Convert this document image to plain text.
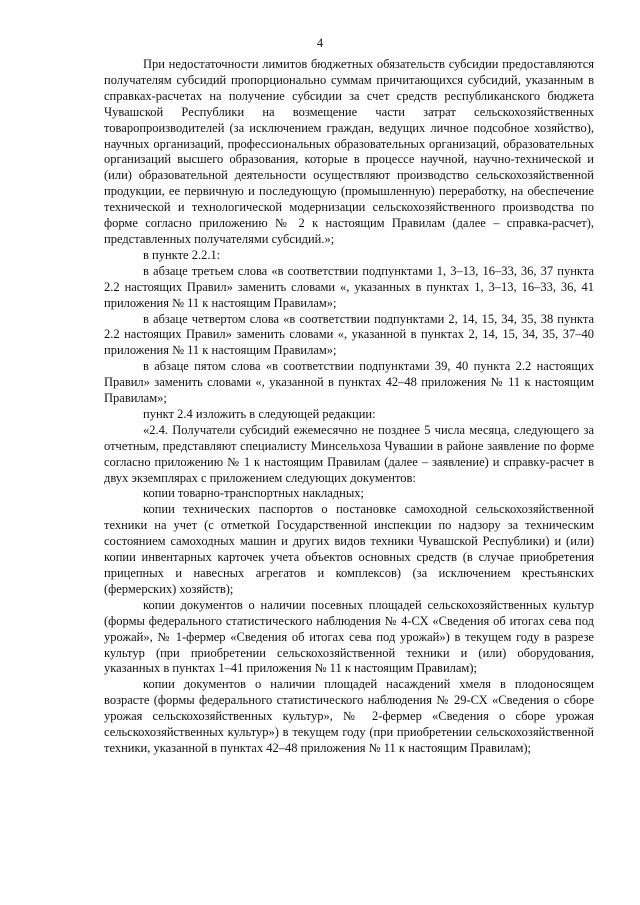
4

При недостаточности лимитов бюджетных обязательств субсидии предоставляются получателям субсидий пропорционально суммам причитающихся субсидий, указанным в справках-расчетах на получение субсидии за счет средств республиканского бюджета Чувашской Республики на возмещение части затрат сельскохозяйственных товаропроизводителей (за исключением граждан, ведущих личное подсобное хозяйство), научных организаций, профессиональных образовательных организаций, образовательных организаций высшего образования, которые в процессе научной, научно-технической и (или) образовательной деятельности осуществляют производство сельскохозяйственной продукции, ее первичную и последующую (промышленную) переработку, на обеспечение технической и технологической модернизации сельскохозяйственного производства по форме согласно приложению № 2 к настоящим Правилам (далее – справка-расчет), представленных получателями субсидий.»;

в пункте 2.2.1:

в абзаце третьем слова «в соответствии подпунктами 1, 3–13, 16–33, 36, 37 пункта 2.2 настоящих Правил» заменить словами «, указанных в пунктах 1, 3–13, 16–33, 36, 41 приложения № 11 к настоящим Правилам»;

в абзаце четвертом слова «в соответствии подпунктами 2, 14, 15, 34, 35, 38 пункта 2.2 настоящих Правил» заменить словами «, указанной в пунктах 2, 14, 15, 34, 35, 37–40 приложения № 11 к настоящим Правилам»;

в абзаце пятом слова «в соответствии подпунктами 39, 40 пункта 2.2 настоящих Правил» заменить словами «, указанной в пунктах 42–48 приложения № 11 к настоящим Правилам»;

пункт 2.4 изложить в следующей редакции:

«2.4. Получатели субсидий ежемесячно не позднее 5 числа месяца, следующего за отчетным, представляют специалисту Минсельхоза Чувашии в районе заявление по форме согласно приложению № 1 к настоящим Правилам (далее – заявление) и справку-расчет в двух экземплярах с приложением следующих документов:

копии товарно-транспортных накладных;

копии технических паспортов о постановке самоходной сельскохозяйственной техники на учет (с отметкой Государственной инспекции по надзору за техническим состоянием самоходных машин и других видов техники Чувашской Республики) и (или) копии инвентарных карточек учета объектов основных средств (в случае приобретения прицепных и навесных агрегатов и комплексов) (за исключением крестьянских (фермерских) хозяйств);

копии документов о наличии посевных площадей сельскохозяйственных культур (формы федерального статистического наблюдения № 4-СХ «Сведения об итогах сева под урожай», № 1-фермер «Сведения об итогах сева под урожай») в текущем году в разрезе культур (при приобретении сельскохозяйственной техники и (или) оборудования, указанных в пунктах 1–41 приложения № 11 к настоящим Правилам);

копии документов о наличии площадей насаждений хмеля в плодоносящем возрасте (формы федерального статистического наблюдения № 29-СХ «Сведения о сборе урожая сельскохозяйственных культур», № 2-фермер «Сведения о сборе урожая сельскохозяйственных культур») в текущем году (при приобретении сельскохозяйственной техники, указанной в пунктах 42–48 приложения № 11 к настоящим Правилам);
